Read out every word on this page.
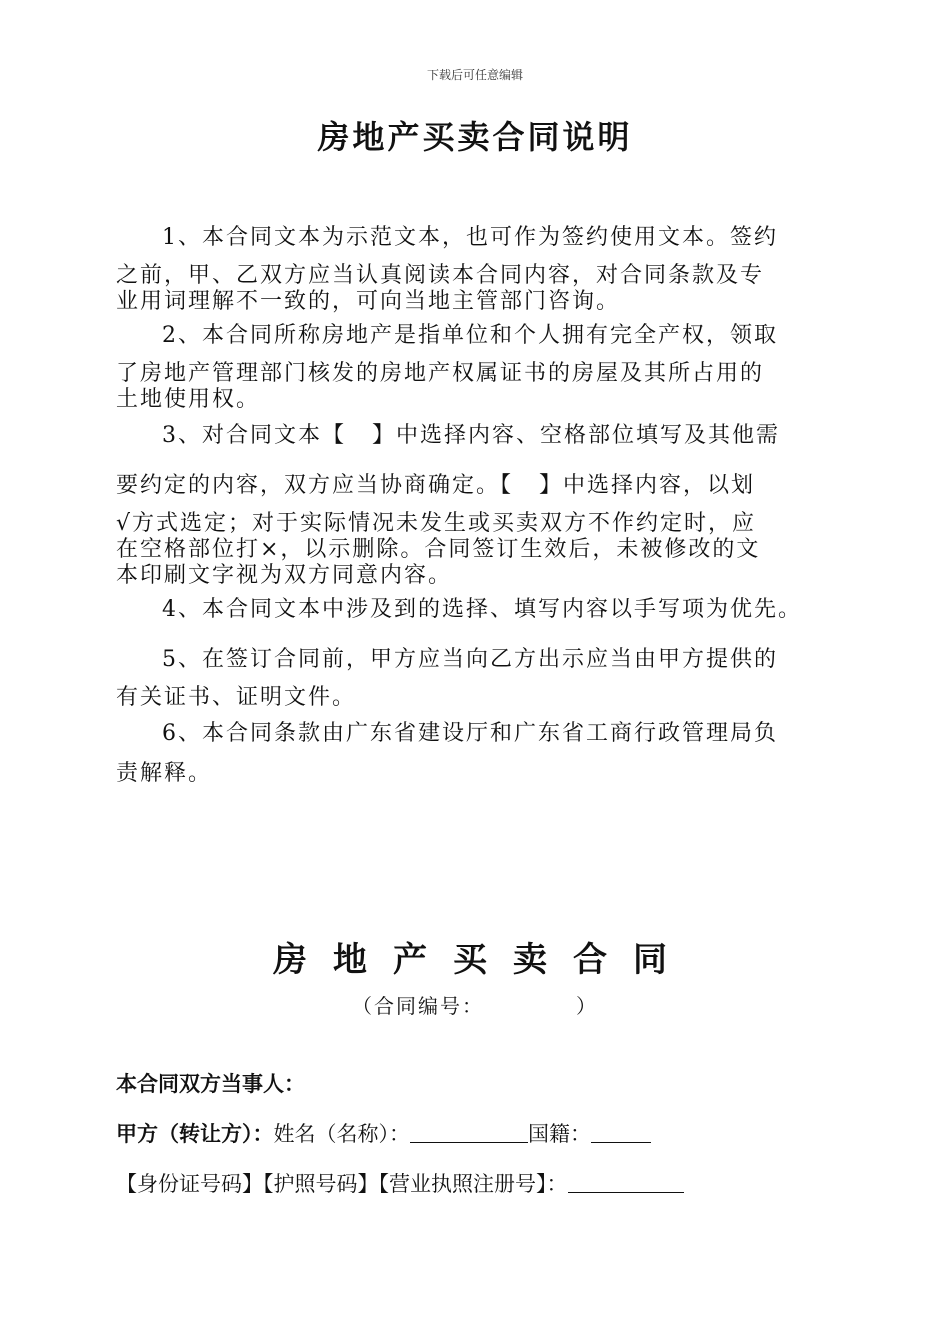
下载后可任意编辑
房地产买卖合同说明
1、本合同文本为示范文本，也可作为签约使用文本。签约
之前，甲、乙双方应当认真阅读本合同内容，对合同条款及专
业用词理解不一致的，可向当地主管部门咨询。
2、本合同所称房地产是指单位和个人拥有完全产权，领取
了房地产管理部门核发的房地产权属证书的房屋及其所占用的
土地使用权。
3、对合同文本【 】中选择内容、空格部位填写及其他需
要约定的内容，双方应当协商确定。【 】中选择内容，以划
√方式选定；对于实际情况未发生或买卖双方不作约定时，应
在空格部位打×，以示删除。合同签订生效后，未被修改的文
本印刷文字视为双方同意内容。
4、本合同文本中涉及到的选择、填写内容以手写项为优先。
5、在签订合同前，甲方应当向乙方出示应当由甲方提供的
有关证书、证明文件。
6、本合同条款由广东省建设厅和广东省工商行政管理局负
责解释。
房地产买卖合同
（合同编号：	）
本合同双方当事人：
甲方（转让方）：姓名（名称）：	国籍：
【身份证号码】【护照号码】【营业执照注册号】：
